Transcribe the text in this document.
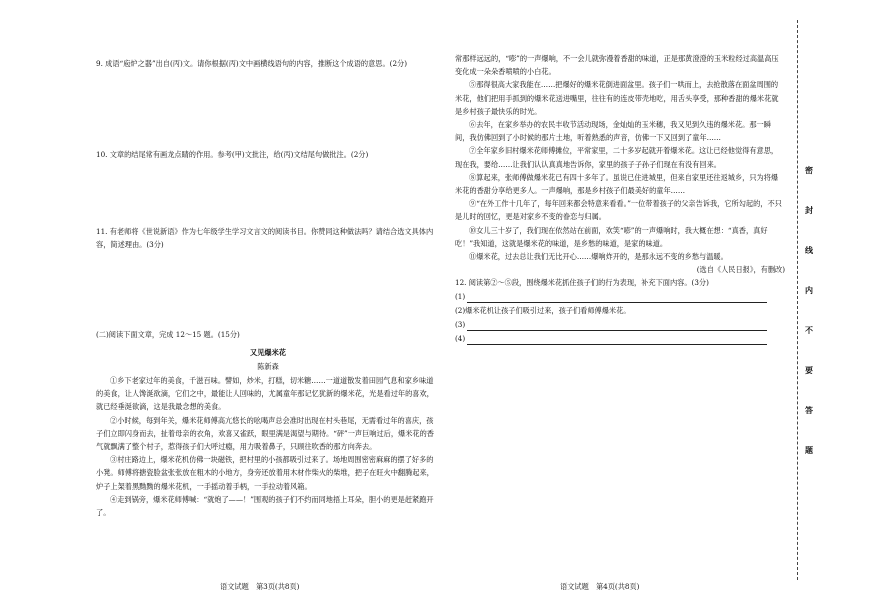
9. 成语“庖炉之器”出自(丙)文。请你根据(丙)文中画横线语句的内容，推断这个成语的意思。(2分)

10. 文章的结尾常有画龙点睛的作用。参考(甲)文批注，给(丙)文结尾句做批注。(2分)

11. 有老师将《世说新语》作为七年级学生学习文言文的阅读书目。你赞同这种做法吗？请结合选文具体内容，简述理由。(3分)

(二)阅读下面文章，完成 12～15 题。(15分)

又见爆米花

陈新森

①乡下老家过年的美食，千滋百味。譬如，炒米，打糕，切米糖……一道道散发着田园气息和家乡味道的美食，让人馋涎欲滴，它们之中，最能让人回味的，尤属童年那记忆犹新的爆米花，光是看过年的喜欢，就已经垂涎欲滴，这是我最念想的美食。

②小时候，每到年关，爆米花师傅高亢悠长的吆喝声总会准时出现在村头巷尾，无需看过年的喜庆，孩子们立即闪身而去，扯着母亲的衣角，欢喜又雀跃，眼里满是渴望与期待。“砰”一声巨响过后，爆米花的香气就飘满了整个村子，惹得孩子们大呼过瘾，用力吸着鼻子，只顾往吹香的那方向奔去。

③村庄路边上，爆米花机仿佛一块磁铁，把村里的小孩都吸引过来了。场地周围密密麻麻的摆了好多的小凳。师傅将搪瓷脸盆张张放在粗木的小地方，身旁还放着用木材作柴火的柴堆，把子在旺火中翻腾起来，炉子上架着黑黝黝的爆米花机，一手摇动着手柄，一手拉动着风箱。

④走到锅旁，爆米花师傅喊：“就炮了——！”围观的孩子们不约而同地捂上耳朵，胆小的更是赶紧跑开了。

语文试题　第3页(共8页)

常那样远远的，“嘭”的一声爆响，不一会儿就弥漫着香甜的味道，正是那黄澄澄的玉米粒经过高温高压变化成一朵朵香喷喷的小白花。

⑤那得很高大家我能在……把爆好的爆米花倒进面盆里。孩子们一哄而上，去抢散落在面盆周围的米花，他们把用手抓到的爆米花送进嘴里，往往有的连皮带壳地吃，用舌头享受，那种香甜的爆米花就是乡村孩子最快乐的时光。

⑥去年，在家乡举办的农民丰收节活动现场，金灿灿的玉米穗，我又见到久违的爆米花。那一瞬间，我仿佛回到了小时候的那片土地，听着熟悉的声音，仿佛一下又回到了童年……

⑦全年家乡旧村爆米花师傅摊位，平常家里，二十多岁起就开着爆米花。这让已经他觉得有意思，现在我，要给……让我们认认真真地告诉你，家里的孩子子孙子们现在有没有回来。

⑧算起来，张师傅做爆米花已有四十多年了。虽说已住进城里，但来自家里还往返城乡，只为将爆米花的香甜分享给更多人。一声爆响，那是乡村孩子们最美好的童年……

⑨“在外工作十几年了，每年回来都会特意来看看。”一位带着孩子的父亲告诉我，它所勾起的，不只是儿时的回忆，更是对家乡不变的眷恋与归属。

⑩女儿三十岁了，我们现在依然站在前面，欢笑“嘭”的一声爆响时，我大概在想：“真香，真好吃！”我知道，这就是爆米花的味道，是乡愁的味道，是家的味道。

⑪爆米花，过去总让我们无比开心……爆响炸开的，是那永远不变的乡愁与温暖。

(选自《人民日报》，有删改)

12. 阅读第②～⑤段，围绕爆米花抓住孩子们的行为表现，补充下面内容。(3分)

(1)
(2)爆米花机让孩子们吸引过来，孩子们看师傅爆米花。
(3)
(4)
语文试题　第4页(共8页)
密
封
线
内
不
要
答
题
